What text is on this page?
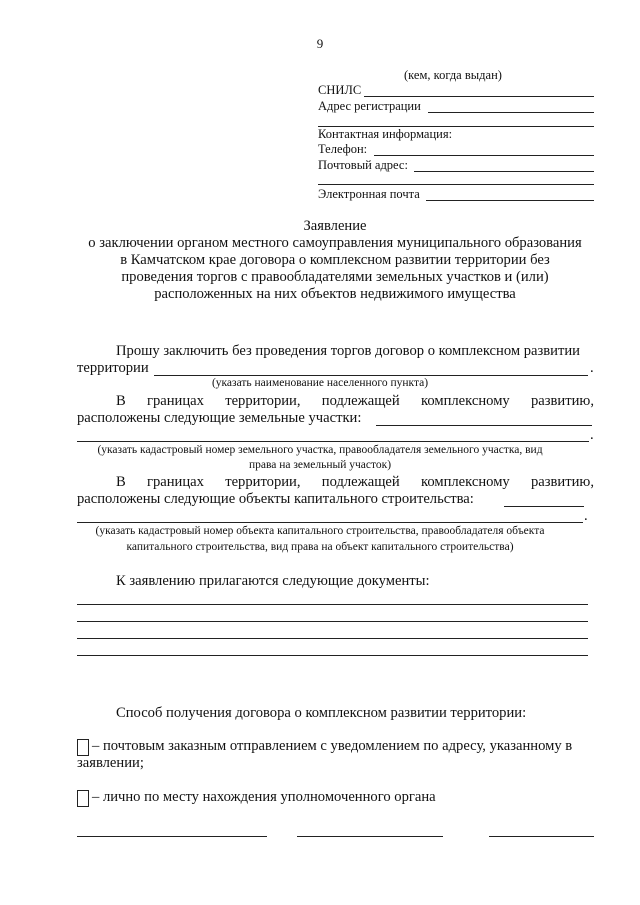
9
(кем, когда выдан)
СНИЛС
Адрес регистрации
Контактная информация:
Телефон:
Почтовый адрес:
Электронная почта
Заявление
о заключении органом местного самоуправления муниципального образования
в Камчатском крае договора о комплексном развитии территории без
проведения торгов с правообладателями земельных участков и (или)
расположенных на них объектов недвижимого имущества
Прошу заключить без проведения торгов договор о комплексном развитии
территории	.
(указать наименование населенного пункта)
В границах территории, подлежащей комплексному развитию,
расположены следующие земельные участки:
.
(указать кадастровый номер земельного участка, правообладателя земельного участка, вид
права на земельный участок)
В границах территории, подлежащей комплексному развитию,
расположены следующие объекты капитального строительства:
.
(указать кадастровый номер объекта капитального строительства, правообладателя объекта
капитального строительства, вид права на объект капитального строительства)
К заявлению прилагаются следующие документы:
Способ получения договора о комплексном развитии территории:
– почтовым заказным отправлением с уведомлением по адресу, указанному в
заявлении;
– лично по месту нахождения уполномоченного органа
